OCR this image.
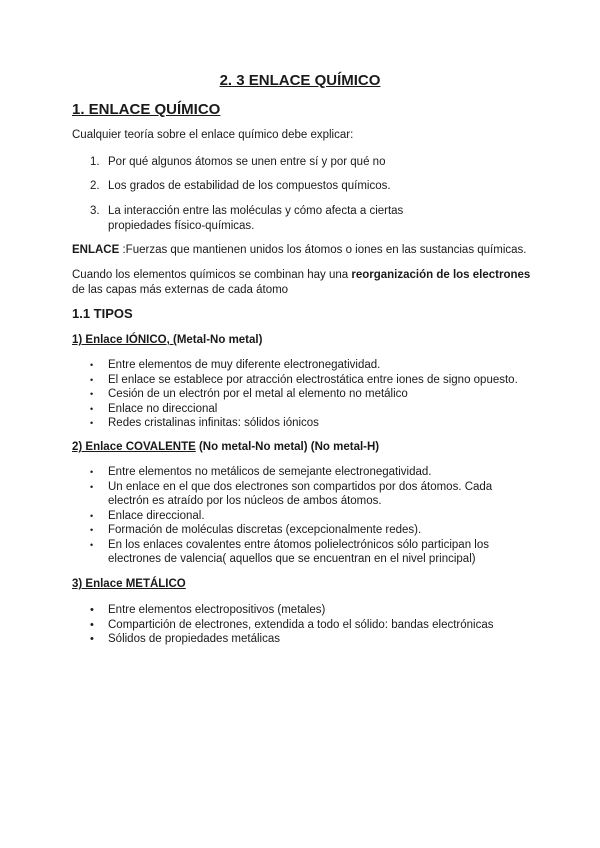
2. 3 ENLACE QUÍMICO
1. ENLACE QUÍMICO
Cualquier teoría sobre el enlace químico debe explicar:
1. Por qué algunos átomos se unen entre sí y por qué no
2. Los grados de estabilidad de los compuestos químicos.
3. La interacción entre las moléculas y cómo afecta a ciertas propiedades físico-químicas.
ENLACE :Fuerzas que mantienen unidos los átomos o iones en las sustancias químicas.
Cuando los elementos químicos se combinan hay una reorganización de los electrones
de las capas más externas de cada átomo
1.1 TIPOS
1) Enlace IÓNICO, (Metal-No metal)
• Entre elementos de muy diferente electronegatividad.
• El enlace se establece por atracción electrostática entre iones de signo opuesto.
• Cesión de un electrón por el metal al elemento no metálico
• Enlace no direccional
• Redes cristalinas infinitas: sólidos iónicos
2) Enlace COVALENTE (No metal-No metal) (No metal-H)
• Entre elementos no metálicos de semejante electronegatividad.
• Un enlace en el que dos electrones son compartidos por dos átomos. Cada electrón es atraído por los núcleos de ambos átomos.
• Enlace direccional.
• Formación de moléculas discretas (excepcionalmente redes).
• En los enlaces covalentes entre átomos polielectrónicos sólo participan los electrones de valencia( aquellos que se encuentran en el nivel principal)
3) Enlace METÁLICO
• Entre elementos electropositivos (metales)
• Compartición de electrones, extendida a todo el sólido: bandas electrónicas
• Sólidos de propiedades metálicas
